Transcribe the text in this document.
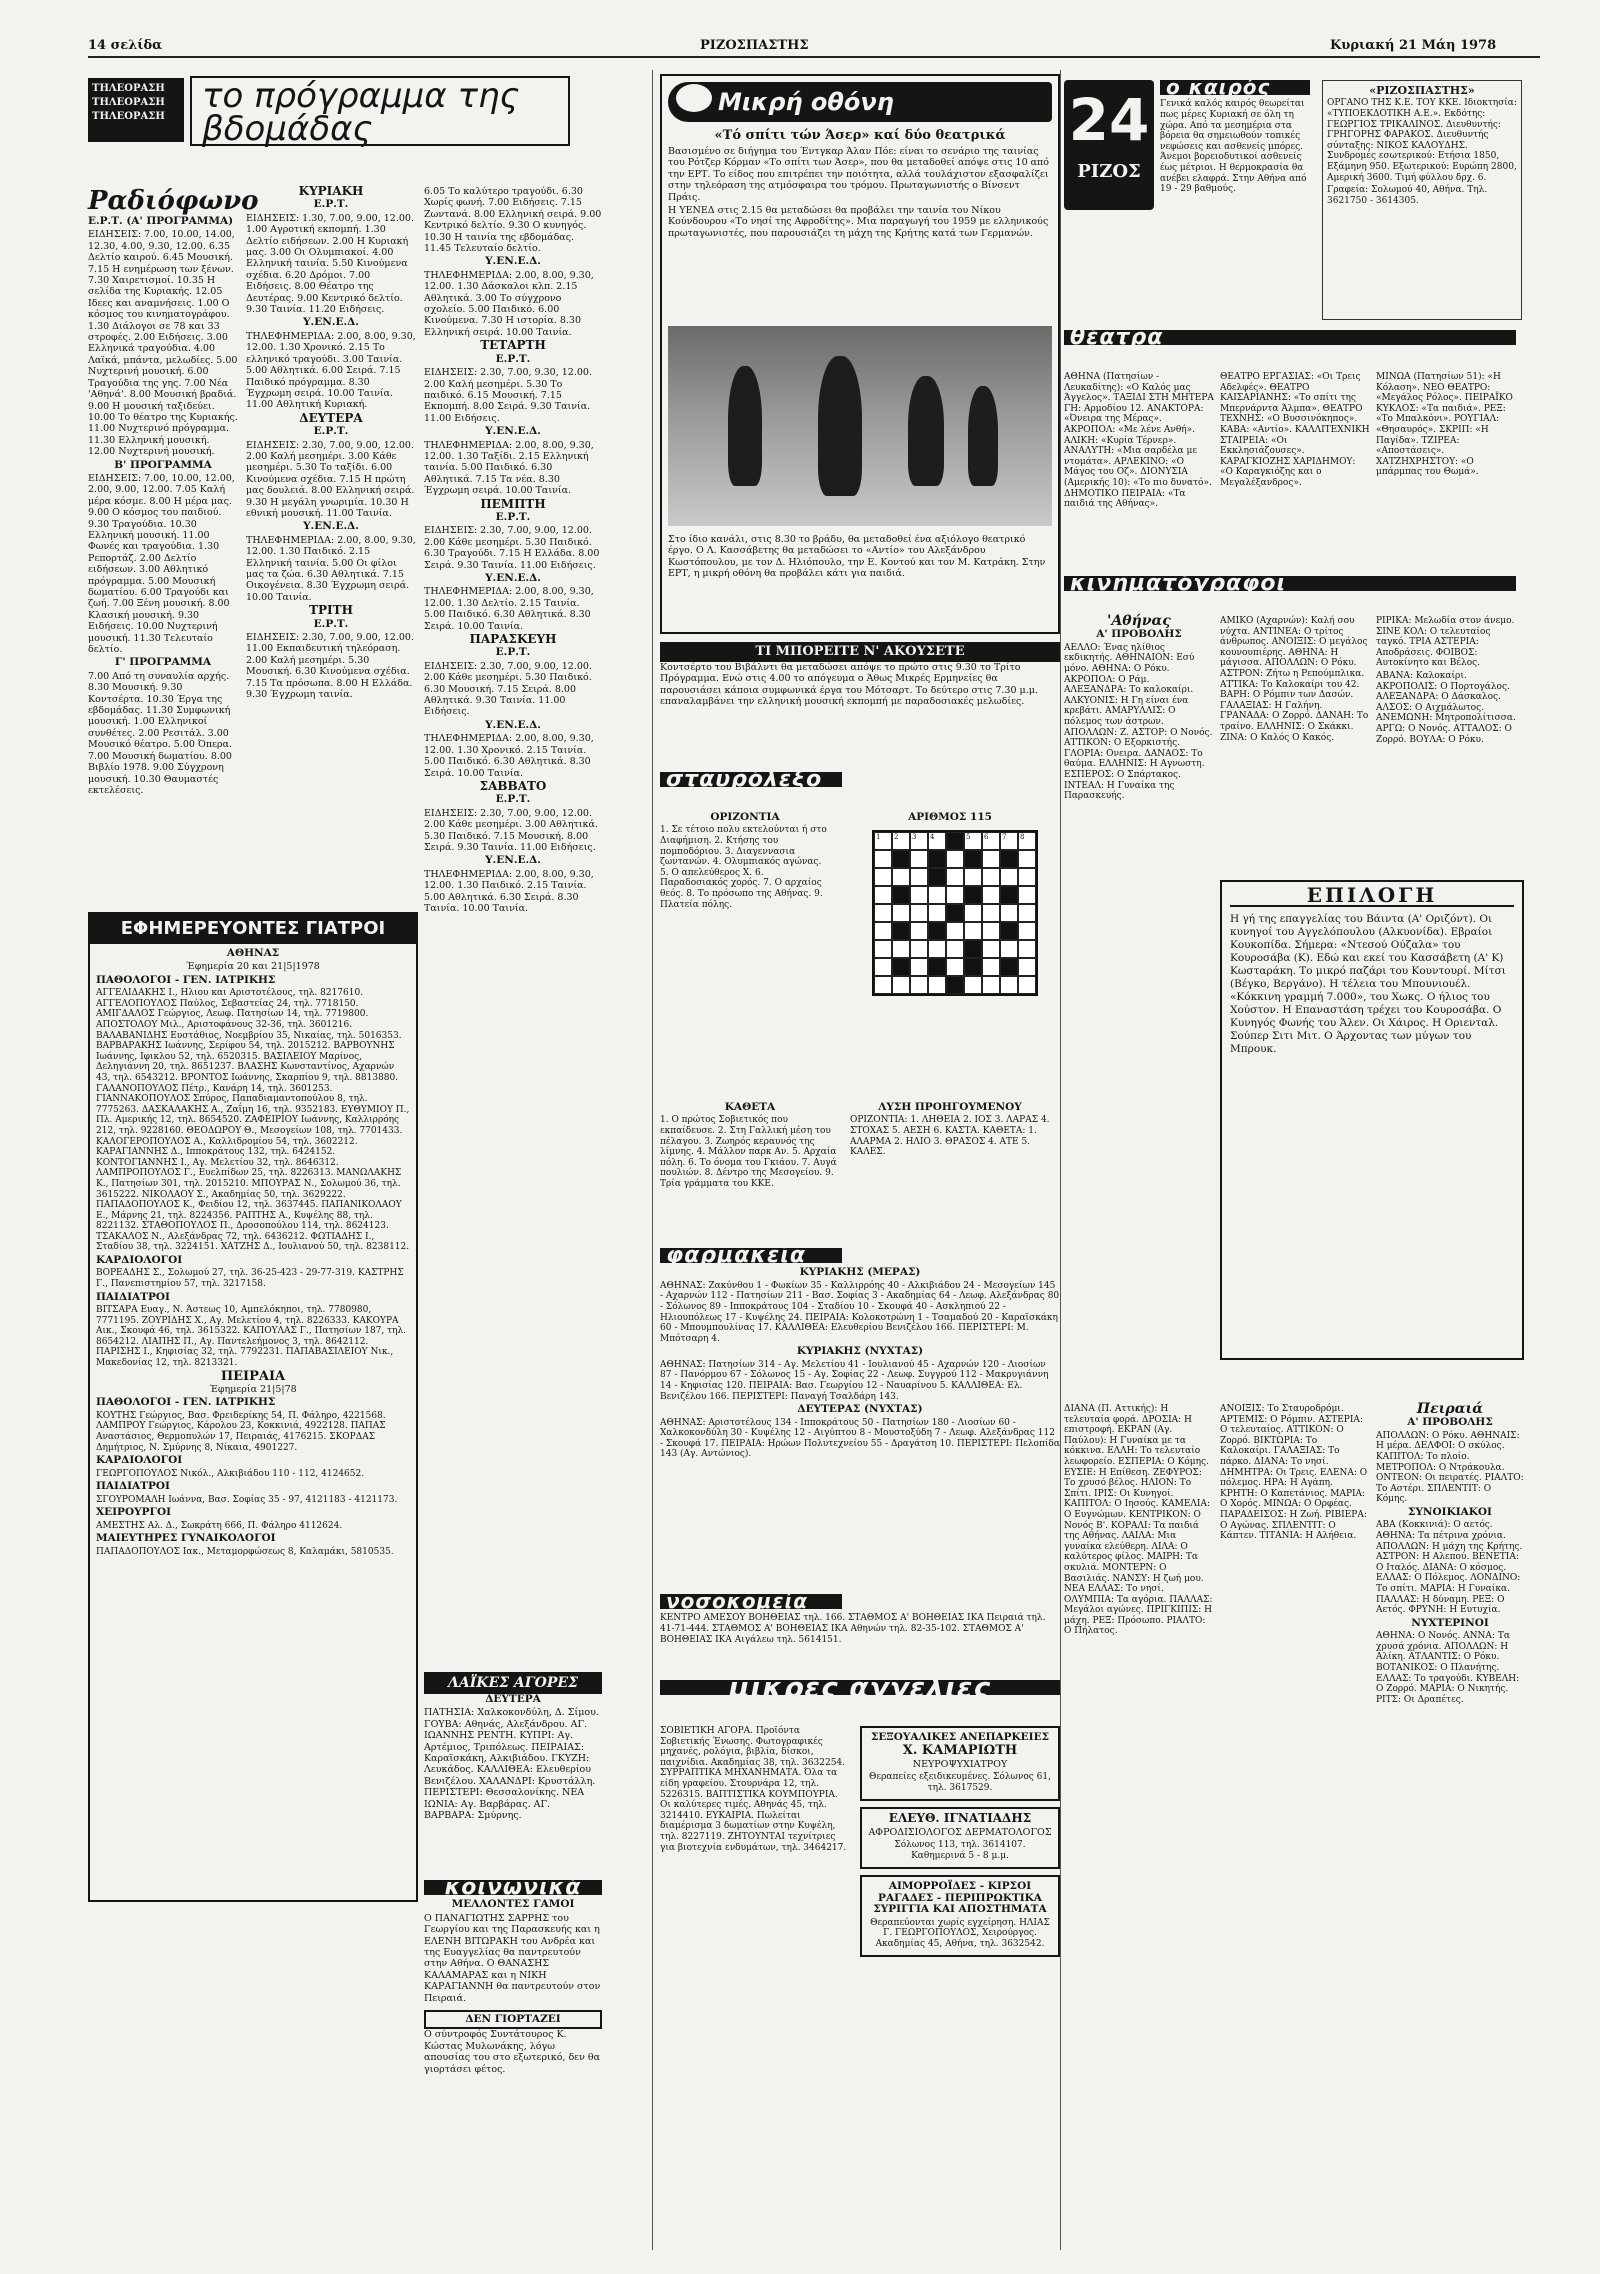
14 σελίδα	ΡΙΖΟΣΠΑΣΤΗΣ	Κυριακή 21 Μάη 1978
ΤΗΛΕΟΡΑΣΗ ΤΗΛΕΟΡΑΣΗ ΤΗΛΕΟΡΑΣΗ
το πρόγραμμα της βδομάδας
Ραδιόφωνο

Ε.Ρ.Τ. (Α' ΠΡΟΓΡΑΜΜΑ)

ΕΙΔΗΣΕΙΣ: 7.00, 10.00, 14.00, 12.30, 4.00, 9.30, 12.00. 6.35 Δελτίο καιρού. 6.45 Μουσική. 7.15 Η ενημέρωση των ξένων. 7.30 Χαιρετισμοί. 10.35 Η σελίδα της Κυριακής. 12.05 Ιδεες και αναμνήσεις. 1.00 Ο κόσμος του κινηματογράφου. 1.30 Διάλογοι σε 78 και 33 στροφές. 2.00 Ειδήσεις. 3.00 Ελληνικά τραγούδια. 4.00 Λαϊκά, μπάντα, μελωδίες. 5.00 Νυχτερινή μουσική. 6.00 Τραγούδια της γης. 7.00 Νέα 'Αθηνά'. 8.00 Μουσική βραδιά. 9.00 Η μουσική ταξιδεύει. 10.00 Το θέατρο της Κυριακής. 11.00 Νυχτερινό πρόγραμμα. 11.30 Ελληνική μουσική. 12.00 Νυχτερινή μουσική.

Β' ΠΡΟΓΡΑΜΜΑ

ΕΙΔΗΣΕΙΣ: 7.00, 10.00, 12.00, 2.00, 9.00, 12.00. 7.05 Καλή μέρα κόσμε. 8.00 Η μέρα μας. 9.00 Ο κόσμος του παιδιού. 9.30 Τραγούδια. 10.30 Ελληνική μουσική. 11.00 Φωνές και τραγούδια. 1.30 Ρεπορτάζ. 2.00 Δελτίο ειδήσεων. 3.00 Αθλητικό πρόγραμμα. 5.00 Μουσική δωματίου. 6.00 Τραγούδι και ζωή. 7.00 Ξένη μουσική. 8.00 Κλασική μουσική. 9.30 Ειδήσεις. 10.00 Νυχτερινή μουσική. 11.30 Τελευταίο δελτίο.

Γ' ΠΡΟΓΡΑΜΜΑ

7.00 Από τη συναυλία αρχής. 8.30 Μουσική. 9.30 Κοντσέρτα. 10.30 Έργα της εβδομάδας. 11.30 Συμφωνική μουσική. 1.00 Ελληνικοί συνθέτες. 2.00 Ρεσιτάλ. 3.00 Μουσικό θέατρο. 5.00 Όπερα. 7.00 Μουσική δωματίου. 8.00 Βιβλίο 1978. 9.00 Σύγχρονη μουσική. 10.30 Θαυμαστές εκτελέσεις.

ΚΥΡΙΑΚΗ

Ε.Ρ.Τ.

ΕΙΔΗΣΕΙΣ: 1.30, 7.00, 9.00, 12.00. 1.00 Αγροτική εκπομπή. 1.30 Δελτίο ειδήσεων. 2.00 Η Κυριακή μας. 3.00 Οι Ολυμπιακοί. 4.00 Ελληνική ταινία. 5.50 Κινούμενα σχέδια. 6.20 Δρόμοι. 7.00 Ειδήσεις. 8.00 Θέατρο της Δευτέρας. 9.00 Κεντρικό δελτίο. 9.30 Ταινία. 11.20 Ειδήσεις.

Υ.ΕΝ.Ε.Δ.

ΤΗΛΕΦΗΜΕΡΙΔΑ: 2.00, 8.00, 9.30, 12.00. 1.30 Χρονικό. 2.15 Το ελληνικό τραγούδι. 3.00 Ταινία. 5.00 Αθλητικά. 6.00 Σειρά. 7.15 Παιδικό πρόγραμμα. 8.30 Έγχρωμη σειρά. 10.00 Ταινία. 11.00 Αθλητική Κυριακή.

ΔΕΥΤΕΡΑ

Ε.Ρ.Τ.

ΕΙΔΗΣΕΙΣ: 2.30, 7.00, 9.00, 12.00. 2.00 Καλή μεσημέρι. 3.00 Κάθε μεσημέρι. 5.30 Το ταξίδι. 6.00 Κινούμενα σχέδια. 7.15 Η πρώτη μας δουλειά. 8.00 Ελληνική σειρά. 9.30 Η μεγάλη γνωριμία. 10.30 Η εθνική μουσική. 11.00 Ταινία.

Υ.ΕΝ.Ε.Δ.

ΤΗΛΕΦΗΜΕΡΙΔΑ: 2.00, 8.00, 9.30, 12.00. 1.30 Παιδικό. 2.15 Ελληνική ταινία. 5.00 Οι φίλοι μας τα ζώα. 6.30 Αθλητικά. 7.15 Οικογένεια. 8.30 Έγχρωμη σειρά. 10.00 Ταινία.

ΤΡΙΤΗ

Ε.Ρ.Τ.

ΕΙΔΗΣΕΙΣ: 2.30, 7.00, 9.00, 12.00. 11.00 Εκπαιδευτική τηλεόραση. 2.00 Καλή μεσημέρι. 5.30 Μουσική. 6.30 Κινούμενα σχέδια. 7.15 Τα πρόσωπα. 8.00 Η Ελλάδα. 9.30 Έγχρωμη ταινία.

6.05 Το καλύτερο τραγούδι. 6.30 Χωρίς φωνή. 7.00 Ειδήσεις. 7.15 Ζωντανά. 8.00 Ελληνική σειρά. 9.00 Κεντρικό δελτίο. 9.30 Ο κυνηγός. 10.30 Η ταινία της εβδομάδας. 11.45 Τελευταίο δελτίο.

Υ.ΕΝ.Ε.Δ.

ΤΗΛΕΦΗΜΕΡΙΔΑ: 2.00, 8.00, 9.30, 12.00. 1.30 Δάσκαλοι κλπ. 2.15 Αθλητικά. 3.00 Το σύγχρονο σχολείο. 5.00 Παιδικό. 6.00 Κινούμενα. 7.30 Η ιστορία. 8.30 Ελληνική σειρά. 10.00 Ταινία.

ΤΕΤΑΡΤΗ

Ε.Ρ.Τ.

ΕΙΔΗΣΕΙΣ: 2.30, 7.00, 9.30, 12.00. 2.00 Καλή μεσημέρι. 5.30 Το παιδικό. 6.15 Μουσική. 7.15 Εκπομπή. 8.00 Σειρά. 9.30 Ταινία. 11.00 Ειδήσεις.

Υ.ΕΝ.Ε.Δ.

ΤΗΛΕΦΗΜΕΡΙΔΑ: 2.00, 8.00, 9.30, 12.00. 1.30 Ταξίδι. 2.15 Ελληνική ταινία. 5.00 Παιδικό. 6.30 Αθλητικά. 7.15 Τα νέα. 8.30 Έγχρωμη σειρά. 10.00 Ταινία.

ΠΕΜΠΤΗ

Ε.Ρ.Τ.

ΕΙΔΗΣΕΙΣ: 2.30, 7.00, 9.00, 12.00. 2.00 Κάθε μεσημέρι. 5.30 Παιδικό. 6.30 Τραγούδι. 7.15 Η Ελλάδα. 8.00 Σειρά. 9.30 Ταινία. 11.00 Ειδήσεις.

Υ.ΕΝ.Ε.Δ.

ΤΗΛΕΦΗΜΕΡΙΔΑ: 2.00, 8.00, 9.30, 12.00. 1.30 Δελτίο. 2.15 Ταινία. 5.00 Παιδικό. 6.30 Αθλητικά. 8.30 Σειρά. 10.00 Ταινία.

ΠΑΡΑΣΚΕΥΗ

Ε.Ρ.Τ.

ΕΙΔΗΣΕΙΣ: 2.30, 7.00, 9.00, 12.00. 2.00 Κάθε μεσημέρι. 5.30 Παιδικό. 6.30 Μουσική. 7.15 Σειρά. 8.00 Αθλητικά. 9.30 Ταινία. 11.00 Ειδήσεις.

Υ.ΕΝ.Ε.Δ.

ΤΗΛΕΦΗΜΕΡΙΔΑ: 2.00, 8.00, 9.30, 12.00. 1.30 Χρονικό. 2.15 Ταινία. 5.00 Παιδικό. 6.30 Αθλητικά. 8.30 Σειρά. 10.00 Ταινία.

ΣΑΒΒΑΤΟ

Ε.Ρ.Τ.

ΕΙΔΗΣΕΙΣ: 2.30, 7.00, 9.00, 12.00. 2.00 Κάθε μεσημέρι. 3.00 Αθλητικά. 5.30 Παιδικό. 7.15 Μουσική. 8.00 Σειρά. 9.30 Ταινία. 11.00 Ειδήσεις.

Υ.ΕΝ.Ε.Δ.

ΤΗΛΕΦΗΜΕΡΙΔΑ: 2.00, 8.00, 9.30, 12.00. 1.30 Παιδικό. 2.15 Ταινία. 5.00 Αθλητικά. 6.30 Σειρά. 8.30 Ταινία. 10.00 Ταινία.

ΕΦΗΜΕΡΕΥΟΝΤΕΣ ΓΙΑΤΡΟΙ

ΑΘΗΝΑΣ

Έφημερία 20 και 21|5|1978

ΠΑΘΟΛΟΓΟΙ - ΓΕΝ. ΙΑΤΡΙΚΗΣ

ΑΓΓΕΛΙΔΑΚΗΣ Ι., Ηλιου και Αριστοτέλους, τηλ. 8217610. ΑΓΓΕΛΟΠΟΥΛΟΣ Παύλος, Σεβαστείας 24, τηλ. 7718150. ΑΜΙΓΔΑΛΟΣ Γεώργιος, Λεωφ. Πατησίων 14, τηλ. 7719800. ΑΠΟΣΤΟΛΟΥ Μιλ., Αριστοφάνους 32-36, τηλ. 3601216. ΒΑΛΑΒΑΝΙΔΗΣ Ευστάθιος, Νοεμβρίου 35, Νικαίας, τηλ. 5016353. ΒΑΡΒΑΡΑΚΗΣ Ιωάννης, Σερίφου 54, τηλ. 2015212. ΒΑΡΒΟΥΝΗΣ Ιωάννης, Ιφικλου 52, τηλ. 6520315. ΒΑΣΙΛΕΙΟΥ Μαρίνος, Δεληγιάννη 20, τηλ. 8651237. ΒΛΑΣΗΣ Κωνσταντίνος, Αχαρνών 43, τηλ. 6543212. ΒΡΟΝΤΟΣ Ιωάννης, Σκαρπίου 9, τηλ. 8813880. ΓΑΛΑΝΟΠΟΥΛΟΣ Πέτρ., Κανάρη 14, τηλ. 3601253. ΓΙΑΝΝΑΚΟΠΟΥΛΟΣ Σπύρος, Παπαδιαμαντοπούλου 8, τηλ. 7775263. ΔΑΣΚΑΛΑΚΗΣ Α., Ζαΐμη 16, τηλ. 9352183. ΕΥΘΥΜΙΟΥ Π., Πλ. Αμερικής 12, τηλ. 8654520. ΖΑΦΕΙΡΙΟΥ Ιωάννης, Καλλιρρόης 212, τηλ. 9228160. ΘΕΟΔΩΡΟΥ Θ., Μεσογείων 108, τηλ. 7701433. ΚΑΛΟΓΕΡΟΠΟΥΛΟΣ Α., Καλλιδρομίου 54, τηλ. 3602212. ΚΑΡΑΓΙΑΝΝΗΣ Δ., Ιπποκράτους 132, τηλ. 6424152. ΚΟΝΤΟΓΙΑΝΝΗΣ Ι., Αγ. Μελετίου 32, τηλ. 8646312. ΛΑΜΠΡΟΠΟΥΛΟΣ Γ., Ευελπίδων 25, τηλ. 8226313. ΜΑΝΩΛΑΚΗΣ Κ., Πατησίων 301, τηλ. 2015210. ΜΠΟΥΡΑΣ Ν., Σολωμού 36, τηλ. 3615222. ΝΙΚΟΛΑΟΥ Σ., Ακαδημίας 50, τηλ. 3629222. ΠΑΠΑΔΟΠΟΥΛΟΣ Κ., Φειδίου 12, τηλ. 3637445. ΠΑΠΑΝΙΚΟΛΑΟΥ Ε., Μάρνης 21, τηλ. 8224356. ΡΑΠΤΗΣ Α., Κυψέλης 88, τηλ. 8221132. ΣΤΑΘΟΠΟΥΛΟΣ Π., Δροσοπούλου 114, τηλ. 8624123. ΤΣΑΚΑΛΟΣ Ν., Αλεξάνδρας 72, τηλ. 6436212. ΦΩΤΙΑΔΗΣ Ι., Σταδίου 38, τηλ. 3224151. ΧΑΤΖΗΣ Δ., Ιουλιανού 50, τηλ. 8238112.

ΚΑΡΔΙΟΛΟΓΟΙ

ΒΟΡΕΑΔΗΣ Σ., Σολωμού 27, τηλ. 36-25-423 - 29-77-319. ΚΑΣΤΡΗΣ Γ., Πανεπιστημίου 57, τηλ. 3217158.

ΠΑΙΔΙΑΤΡΟΙ

ΒΙΤΣΑΡΑ Ευαγ., Ν. Άστεως 10, Αμπελόκηποι, τηλ. 7780980, 7771195. ΖΟΥΡΙΔΗΣ Χ., Αγ. Μελετίου 4, τηλ. 8226333. ΚΑΚΟΥΡΑ Αικ., Σκουφά 46, τηλ. 3615322. ΚΑΠΟΥΛΑΣ Γ., Πατησίων 187, τηλ. 8654212. ΛΙΑΠΗΣ Π., Αγ. Παντελεήμονος 3, τηλ. 8642112. ΠΑΡΙΣΗΣ Ι., Κηφισίας 32, τηλ. 7792231. ΠΑΠΑΒΑΣΙΛΕΙΟΥ Νικ., Μακεδονίας 12, τηλ. 8213321.

ΠΕΙΡΑΙΑ

Έφημερία 21|5|78

ΠΑΘΟΛΟΓΟΙ - ΓΕΝ. ΙΑΤΡΙΚΗΣ

ΚΟΥΤΗΣ Γεώργιος, Βασ. Φρειδερίκης 54, Π. Φάληρο, 4221568. ΛΑΜΠΡΟΥ Γεώργιος, Κάρολου 23, Κοκκινιά, 4922128. ΠΑΠΑΣ Αναστάσιος, Θερμοπυλών 17, Πειραιάς, 4176215. ΣΚΟΡΔΑΣ Δημήτριος, Ν. Σμύρνης 8, Νίκαια, 4901227.

ΚΑΡΔΙΟΛΟΓΟΙ

ΓΕΩΡΓΟΠΟΥΛΟΣ Νικόλ., Αλκιβιάδου 110 - 112, 4124652.

ΠΑΙΔΙΑΤΡΟΙ

ΣΓΟΥΡΟΜΑΛΗ Ιωάννα, Βασ. Σοφίας 35 - 97, 4121183 - 4121173.

ΧΕΙΡΟΥΡΓΟΙ

ΑΜΕΣΤΗΣ Αλ. Δ., Σωκράτη 666, Π. Φάληρο 4112624.

ΜΑΙΕΥΤΗΡΕΣ ΓΥΝΑΙΚΟΛΟΓΟΙ

ΠΑΠΑΔΟΠΟΥΛΟΣ Ιακ., Μεταμορφώσεως 8, Καλαμάκι, 5810535.

ΛΑΪΚΕΣ ΑΓΟΡΕΣ

ΔΕΥΤΕΡΑ

ΠΑΤΗΣΙΑ: Χαλκοκονδύλη, Δ. Σίμου. ΓΟΥΒΑ: Αθηνάς, Αλεξάνδρου. ΑΓ. ΙΩΑΝΝΗΣ ΡΕΝΤΗ. ΚΥΠΡΙ: Αγ. Αρτέμιος, Τριπόλεως. ΠΕΙΡΑΙΑΣ: Καραϊσκάκη, Αλκιβιάδου. ΓΚΥΖΗ: Λευκάδος. ΚΑΛΛΙΘΕΑ: Ελευθερίου Βενιζέλου. ΧΑΛΑΝΔΡΙ: Κρυστάλλη. ΠΕΡΙΣΤΕΡΙ: Θεσσαλονίκης. ΝΕΑ ΙΩΝΙΑ: Αγ. Βαρβάρας. ΑΓ. ΒΑΡΒΑΡΑ: Σμύρνης.

κοινωνικά

ΜΕΛΛΟΝΤΕΣ ΓΑΜΟΙ

Ο ΠΑΝΑΓΙΩΤΗΣ ΣΑΡΡΗΣ του Γεωργίου και της Παρασκευής και η ΕΛΕΝΗ ΒΙΤΩΡΑΚΗ του Ανδρέα και της Ευαγγελίας θα παντρευτούν στην Αθήνα. Ο ΘΑΝΑΣΗΣ ΚΑΛΑΜΑΡΑΣ και η ΝΙΚΗ ΚΑΡΑΓΙΑΝΝΗ θα παντρευτούν στον Πειραιά.

ΔΕΝ ΓΙΟΡΤΑΖΕΙ

Ο σύντροφός Συντάτουρος Κ. Κώστας Μυλωνάκης, λόγω απουσίας του στο εξωτερικό, δεν θα γιορτάσει φέτος.

Μικρή οθόνη

«Τό σπίτι τών Άσερ» καί δύο θεατρικά

Βασισμένο σε διήγημα του Έντγκαρ Άλαν Πόε: είναι το σενάριο της ταινίας του Ρότζερ Κόρμαν «Το σπίτι των Άσερ», που θα μεταδοθεί απόψε στις 10 από την ΕΡΤ. Το είδος που επιτρέπει την ποιότητα, αλλά τουλάχιστον εξασφαλίζει στην τηλεόραση της ατμόσφαιρα του τρόμου. Πρωταγωνιστής ο Βίνσεντ Πράις.

Η ΥΕΝΕΔ στις 2.15 θα μεταδώσει θα προβάλει την ταινία του Νίκου Κούνδουρου «Το νησί της Αφροδίτης». Μια παραγωγή του 1959 με ελληνικούς πρωταγωνιστές, που παρουσιάζει τη μάχη της Κρήτης κατά των Γερμανών.

Στο ίδιο κανάλι, στις 8.30 το βράδυ, θα μεταδοθεί ένα αξιόλογο θεατρικό έργο. Ο Λ. Κασσάβετης θα μεταδώσει το «Αντίο» του Αλεξάνδρου Κωστόπουλου, με τον Δ. Ηλιόπουλο, την Ε. Κοντού και τον Μ. Κατράκη. Στην ΕΡΤ, η μικρή οθόνη θα προβάλει κάτι για παιδιά.

ΤΙ ΜΠΟΡΕΙΤΕ Ν' ΑΚΟΥΣΕΤΕ

Κοντσέρτο του Βιβάλντι θα μεταδώσει απόψε το πρώτο στις 9.30 το Τρίτο Πρόγραμμα. Ενώ στις 4.00 το απόγευμα ο Άθως Μικρές Ερμηνείες θα παρουσιάσει κάποια συμφωνικά έργα του Μότσαρτ. Το δεύτερο στις 7.30 μ.μ. επαναλαμβάνει την ελληνική μουσική εκπομπή με παραδοσιακές μελωδίες.

σταυρόλεξο

ΟΡΙΖΟΝΤΙΑ

1. Σε τέτοιο πολυ εκτελούνται ή στο Διαφήμιση. 2. Κτήσης του πομποδόριου. 3. Διαγεννασια ζωντανών. 4. Ολυμπιακός αγώνας. 5. Ο απελεύθερος Χ. 6. Παραδοσιακός χορός. 7. Ο αρχαίος θεός. 8. Το πρόσωπο της Αθήνας. 9. Πλατεία πόλης.

ΑΡΙΘΜΟΣ 115

1	2	3	4	5	6	7	8

ΚΑΘΕΤΑ

1. Ο πρώτος Σοβιετικός που εκπαίδευσε. 2. Στη Γαλλική μέση του πέλαγου. 3. Ζωηρός κεραυνός της λίμνης. 4. Μάλλον παρκ Αν. 5. Αρχαία πόλη. 6. Το όνομα του Γκιάου. 7. Αυγά πουλιών. 8. Δέντρο της Μεσογείου. 9. Τρία γράμματα του ΚΚΕ.

ΛΥΣΗ ΠΡΟΗΓΟΥΜΕΝΟΥ

ΟΡΙΖΟΝΤΙΑ: 1. ΛΗΘΕΙΑ 2. ΙΟΣ 3. ΛΑΡΑΣ 4. ΣΤΟΧΑΣ 5. ΑΕΣΗ 6. ΚΑΣΤΑ. ΚΑΘΕΤΑ: 1. ΑΛΑΡΜΑ 2. ΗΛΙΟ 3. ΘΡΑΣΟΣ 4. ΑΤΕ 5. ΚΑΛΕΣ.

φαρμακεία

ΚΥΡΙΑΚΗΣ (ΜΕΡΑΣ)

ΑΘΗΝΑΣ: Ζακύνθου 1 - Φωκίων 35 - Καλλιρρόης 40 - Αλκιβιάδου 24 - Μεσογείων 145 - Αχαρνών 112 - Πατησίων 211 - Βασ. Σοφίας 3 - Ακαδημίας 64 - Λεωφ. Αλεξάνδρας 80 - Σόλωνος 89 - Ιπποκράτους 104 - Σταδίου 10 - Σκουφά 40 - Ασκληπιού 22 - Ηλιουπόλεως 17 - Κυψέλης 24. ΠΕΙΡΑΙΑ: Κολοκοτρώνη 1 - Τσαμαδού 20 - Καραϊσκάκη 60 - Μπουμπουλίνας 17. ΚΑΛΛΙΘΕΑ: Ελευθερίου Βενιζέλου 166. ΠΕΡΙΣΤΕΡΙ: Μ. Μπότσαρη 4.

ΚΥΡΙΑΚΗΣ (ΝΥΧΤΑΣ)

ΑΘΗΝΑΣ: Πατησίων 314 - Αγ. Μελετίου 41 - Ιουλιανού 45 - Αχαρνών 120 - Λιοσίων 87 - Πανόρμου 67 - Σόλωνος 15 - Αγ. Σοφίας 22 - Λεωφ. Συγγρού 112 - Μακρυγιάννη 14 - Κηφισίας 120. ΠΕΙΡΑΙΑ: Βασ. Γεωργίου 12 - Ναυαρίνου 5. ΚΑΛΛΙΘΕΑ: Ελ. Βενιζέλου 166. ΠΕΡΙΣΤΕΡΙ: Παναγή Τσαλδάρη 143.

ΔΕΥΤΕΡΑΣ (ΝΥΧΤΑΣ)

ΑΘΗΝΑΣ: Αριστοτέλους 134 - Ιπποκράτους 50 - Πατησίων 180 - Λιοσίων 60 - Χαλκοκονδύλη 30 - Κυψέλης 12 - Αιγύπτου 8 - Μουστοξύδη 7 - Λεωφ. Αλεξάνδρας 112 - Σκουφά 17. ΠΕΙΡΑΙΑ: Ηρώων Πολυτεχνείου 55 - Δραγάτση 10. ΠΕΡΙΣΤΕΡΙ: Πελοπίδα 143 (Αγ. Αντώνιος).

νοσοκομεία

ΚΕΝΤΡΟ ΑΜΕΣΟΥ ΒΟΗΘΕΙΑΣ τηλ. 166. ΣΤΑΘΜΟΣ Α' ΒΟΗΘΕΙΑΣ ΙΚΑ Πειραιά τηλ. 41-71-444. ΣΤΑΘΜΟΣ Α' ΒΟΗΘΕΙΑΣ ΙΚΑ Αθηνών τηλ. 82-35-102. ΣΤΑΘΜΟΣ Α' ΒΟΗΘΕΙΑΣ ΙΚΑ Αιγάλεω τηλ. 5614151.

μικρές αγγελίες

ΣΟΒΙΕΤΙΚΗ ΑΓΟΡΑ. Προϊόντα Σοβιετικής Ένωσης. Φωτογραφικές μηχανές, ρολόγια, βιβλία, δίσκοι, παιχνίδια. Ακαδημίας 38, τηλ. 3632254. ΣΥΡΡΑΠΤΙΚΑ ΜΗΧΑΝΗΜΑΤΑ. Όλα τα είδη γραφείου. Στουρνάρα 12, τηλ. 5226315. ΒΑΠΤΙΣΤΙΚΑ ΚΟΥΜΠΟΥΡΙΑ. Οι καλύτερες τιμές. Αθηνάς 45, τηλ. 3214410. ΕΥΚΑΙΡΙΑ. Πωλείται διαμέρισμα 3 δωματίων στην Κυψέλη, τηλ. 8227119. ΖΗΤΟΥΝΤΑΙ τεχνίτριες για βιοτεχνία ενδυμάτων, τηλ. 3464217.

ΣΕΞΟΥΑΛΙΚΕΣ ΑΝΕΠΑΡΚΕΙΕΣ

Χ. ΚΑΜΑΡΙΩΤΗ

ΝΕΥΡΟΨΥΧΙΑΤΡΟΥ

Θεραπείες εξειδικευμένες. Σόλωνος 61, τηλ. 3617529.

ΕΛΕΥΘ. ΙΓΝΑΤΙΑΔΗΣ

ΑΦΡΟΔΙΣΙΟΛΟΓΟΣ ΔΕΡΜΑΤΟΛΟΓΟΣ

Σόλωνος 113, τηλ. 3614107. Καθημερινά 5 - 8 μ.μ.

ΑΙΜΟΡΡΟΪΔΕΣ - ΚΙΡΣΟΙ ΡΑΓΑΔΕΣ - ΠΕΡΙΠΡΩΚΤΙΚΑ ΣΥΡΙΓΓΙΑ ΚΑΙ ΑΠΟΣΤΗΜΑΤΑ

Θεραπεύονται χωρίς εγχείρηση. ΗΛΙΑΣ Γ. ΓΕΩΡΓΟΠΟΥΛΟΣ, Χειρούργος. Ακαδημίας 45, Αθήνα, τηλ. 3632542.

24
ΡΙΖΟΣ
ο καιρός

Γενικά καλός καιρός θεωρείται πως μέρες Κυριακή σε όλη τη χώρα. Από τα μεσημέρια στα βόρεια θα σημειωθούν τοπικές νεφώσεις και ασθενείς μπόρες. Άνεμοι βορειοδυτικοί ασθενείς έως μέτριοι. Η θερμοκρασία θα ανέβει ελαφρά. Στην Αθήνα από 19 - 29 βαθμούς.

«ΡΙΖΟΣΠΑΣΤΗΣ»

ΟΡΓΑΝΟ ΤΗΣ Κ.Ε. ΤΟΥ ΚΚΕ. Ιδιοκτησία: «ΤΥΠΟΕΚΔΟΤΙΚΗ Α.Ε.». Εκδότης: ΓΕΩΡΓΙΟΣ ΤΡΙΚΑΛΙΝΟΣ. Διευθυντής: ΓΡΗΓΟΡΗΣ ΦΑΡΑΚΟΣ. Διευθυντής σύνταξης: ΝΙΚΟΣ ΚΑΛΟΥΔΗΣ. Συνδρομές εσωτερικού: Ετήσια 1850, Εξάμηνη 950. Εξωτερικού: Ευρώπη 2800, Αμερική 3600. Τιμή φύλλου δρχ. 6.

Γραφεία: Σολωμού 40, Αθήνα. Τηλ. 3621750 - 3614305.

θέατρα
ΑΘΗΝΑ (Πατησίων - Λευκαδίτης): «Ο Καλός μας Άγγελος». ΤΑΞΙΔΙ ΣΤΗ ΜΗΤΕΡΑ ΓΗ: Αρμοδίου 12. ΑΝΑΚΤΟΡΑ: «Όνειρα της Μέρας». ΑΚΡΟΠΟΛ: «Με λένε Ανθή». ΑΛΙΚΗ: «Κυρία Τέρνερ». ΑΝΑΛΥΤΗ: «Μια σαρδέλα με ντομάτα». ΑΡΛΕΚΙΝΟ: «Ο Μάγος του Οζ». ΔΙΟΝΥΣΙΑ (Αμερικής 10): «Το πιο δυνατό». ΔΗΜΟΤΙΚΟ ΠΕΙΡΑΙΑ: «Τα παιδιά της Αθήνας».
ΘΕΑΤΡΟ ΕΡΓΑΣΙΑΣ: «Οι Τρεις Αδελφές». ΘΕΑΤΡΟ ΚΑΙΣΑΡΙΑΝΗΣ: «Το σπίτι της Μπερνάρντα Άλμπα». ΘΕΑΤΡΟ ΤΕΧΝΗΣ: «Ο Βυσσινόκηπος». ΚΑΒΑ: «Αντίο». ΚΑΛΛΙΤΕΧΝΙΚΗ ΣΤΑΙΡΕΙΑ: «Οι Εκκλησιάζουσες». ΚΑΡΑΓΚΙΟΖΗΣ ΧΑΡΙΔΗΜΟΥ: «Ο Καραγκιόζης και ο Μεγαλέξανδρος».
ΜΙΝΩΑ (Πατησίων 51): «Η Κόλαση». ΝΕΟ ΘΕΑΤΡΟ: «Μεγάλος Ρόλος». ΠΕΙΡΑΪΚΟ ΚΥΚΛΟΣ: «Τα παιδιά». ΡΕΞ: «Το Μπαλκόνι». ΡΟΥΓΙΑΛ: «Θησαυρός». ΣΚΡΙΠ: «Η Παγίδα». ΤΖΙΡΕΑ: «Αποστάσεις». ΧΑΤΖΗΧΡΗΣΤΟΥ: «Ο μπάρμπας του Θωμά».
κινηματόγραφοι

'Αθήνας

Α' ΠΡΟΒΟΛΗΣ

ΑΕΛΛΟ: Ένας ηλίθιος εκδικητής. ΑΘΗΝΑΙΟΝ: Εσύ μόνο. ΑΘΗΝΑ: Ο Ρόκυ. ΑΚΡΟΠΟΛ: Ο Ράμ. ΑΛΕΞΑΝΔΡΑ: Το καλοκαίρι. ΑΛΚΥΟΝΙΣ: Η Γη είναι ένα κρεβάτι. ΑΜΑΡΥΛΛΙΣ: Ο πόλεμος των άστρων. ΑΠΟΛΛΩΝ: Ζ. ΑΣΤΟΡ: Ο Νονός. ΑΤΤΙΚΟΝ: Ο Εξορκιστής. ΓΛΟΡΙΑ: Ονειρα. ΔΑΝΑΟΣ: Το θαύμα. ΕΛΛΗΝΙΣ: Η Αγνωστη. ΕΣΠΕΡΟΣ: Ο Σπάρτακος. ΙΝΤΕΑΛ: Η Γυναίκα της Παρασκευής.

ΑΜΙΚΟ (Αχαρνών): Καλή σου νύχτα. ΑΝΤΙΝΕΑ: Ο τρίτος άνθρωπος. ΑΝΟΙΞΙΣ: Ο μεγάλος κουνουπιέρης. ΑΘΗΝΑ: Η μάγισσα. ΑΠΟΛΛΩΝ: Ο Ρόκυ. ΑΣΤΡΟΝ: Ζήτω η Ρεπούμπλικα. ΑΤΤΙΚΑ: Το Καλοκαίρι του 42. ΒΑΡΗ: Ο Ρόμπιν των Δασών. ΓΑΛΑΞΙΑΣ: Η Γαλήνη. ΓΡΑΝΑΔΑ: Ο Ζορρό. ΔΑΝΑΗ: Το τραίνο. ΕΛΛΗΝΙΣ: Ο Σκάκκι. ΖΙΝΑ: Ο Καλός Ο Κακός.

ΡΙΡΙΚΑ: Μελωδία στον άνεμο. ΣΙΝΕ ΚΟΛ: Ο τελευταίος ταγκό. ΤΡΙΑ ΑΣΤΕΡΙΑ: Αποδράσεις. ΦΟΙΒΟΣ: Αυτοκίνητο και Βέλος.

ΑΒΑΝΑ: Καλοκαίρι. ΑΚΡΟΠΟΛΙΣ: Ο Πορτογάλος. ΑΛΕΞΑΝΔΡΑ: Ο Δάσκαλος. ΑΛΣΟΣ: Ο Αιχμάλωτος. ΑΝΕΜΩΝΗ: Μητροπολίτισσα. ΑΡΓΩ: Ο Νονός. ΑΤΤΑΛΟΣ: Ο Ζορρό. ΒΟΥΛΑ: Ο Ρόκυ.

ΕΠΙΛΟΓΗ

Η γή της επαγγελίας του Βάιντα (Α' Οριζόντ). Οι κυνηγοί του Αγγελόπουλου (Αλκυονίδα). Εβραίοι Κουκοπίδα. Σήμερα: «Ντεσού Ούζαλα» του Κουροσάβα (Κ). Εδώ και εκεί του Κασσάβετη (Α' Κ) Κωσταράκη. Το μικρό παζάρι του Κουντουρί. Μίτσι (Βέγκο, Βεργάνο). Η τέλεια του Μπουνιουέλ. «Κόκκινη γραμμή 7.000», του Χωκς. Ο ήλιος του Χούστον. Η Επαναστάση τρέχει του Κουροσάβα. Ο Κυνηγός Φωνής του Άλεν. Οι Χάιρος. Η Οριενταλ. Σούπερ Σιτι Μιτ. Ο Άρχοντας των μύγων του Μπρουκ.

ΔΙΑΝΑ (Π. Αττικής): Η τελευταία φορά. ΔΡΟΣΙΑ: Η επιστροφή. ΕΚΡΑΝ (Αγ. Παύλου): Η Γυναίκα με τα κόκκινα. ΕΛΛΗ: Το τελευταίο λεωφορείο. ΕΣΠΕΡΙΑ: Ο Κόμης. ΕΥΣΙΕ: Η Επίθεση. ΖΕΦΥΡΟΣ: Το χρυσό βέλος. ΗΛΙΟΝ: Το Σπίτι. ΙΡΙΣ: Οι Κυνηγοί. ΚΑΠΙΤΟΛ: Ο Ιησούς. ΚΑΜΕΛΙΑ: Ο Ευγνώμων. ΚΕΝΤΡΙΚΟΝ: Ο Νονός Β'. ΚΟΡΑΛΙ: Τα παιδιά της Αθήνας. ΛΑΙΛΑ: Μια γυναίκα ελεύθερη. ΛΙΛΑ: Ο καλύτερος φίλος. ΜΑΙΡΗ: Τα σκυλιά. ΜΟΝΤΕΡΝ: Ο Βασιλιάς. ΝΑΝΣΥ: Η ζωή μου. ΝΕΑ ΕΛΛΑΣ: Το νησί. ΟΛΥΜΠΙΑ: Τα αγόρια. ΠΑΛΛΑΣ: Μεγάλοι αγώνες. ΠΡΙΓΚΙΠΙΣ: Η μάχη. ΡΕΞ: Πρόσωπο. ΡΙΑΛΤΟ: Ο Πήλατος.
ΑΝΟΙΞΙΣ: Το Σταυροδρόμι. ΑΡΤΕΜΙΣ: Ο Ρόμπιν. ΑΣΤΕΡΙΑ: Ο τελευταίος. ΑΤΤΙΚΟΝ: Ο Ζορρό. ΒΙΚΤΩΡΙΑ: Το Καλοκαίρι. ΓΑΛΑΞΙΑΣ: Το πάρκο. ΔΙΑΝΑ: Το νησί. ΔΗΜΗΤΡΑ: Οι Τρεις. ΕΛΕΝΑ: Ο πόλεμος. ΗΡΑ: Η Αγάπη. ΚΡΗΤΗ: Ο Καπετάνιος. ΜΑΡΙΑ: Ο Χορός. ΜΙΝΩΑ: Ο Ορφέας. ΠΑΡΑΔΕΙΣΟΣ: Η Ζωή. ΡΙΒΙΕΡΑ: Ο Αγώνας. ΣΠΛΕΝΤΙΤ: Ο Κάπτεν. ΤΙΤΑΝΙΑ: Η Αλήθεια.

Πειραιά

Α' ΠΡΟΒΟΛΗΣ

ΑΠΟΛΛΩΝ: Ο Ρόκυ. ΑΘΗΝΑΙΣ: Η μέρα. ΔΕΛΦΟΙ: Ο σκύλος. ΚΑΠΙΤΟΛ: Το πλοίο. ΜΕΤΡΟΠΟΛ: Ο Ντράκουλα. ΟΝΤΕΟΝ: Οι πειρατές. ΡΙΑΛΤΟ: Το Αστέρι. ΣΠΛΕΝΤΙΤ: Ο Κόμης.

ΣΥΝΟΙΚΙΑΚΟΙ

ΑΒΑ (Κοκκινιά): Ο αετός. ΑΘΗΝΑ: Τα πέτρινα χρόνια. ΑΠΟΛΛΩΝ: Η μάχη της Κρήτης. ΑΣΤΡΟΝ: Η Αλεπού. ΒΕΝΕΤΙΑ: Ο Ιταλός. ΔΙΑΝΑ: Ο κόσμος. ΕΛΛΑΣ: Ο Πόλεμος. ΛΟΝΔΙΝΟ: Το σπίτι. ΜΑΡΙΑ: Η Γυναίκα. ΠΑΛΛΑΣ: Η δύναμη. ΡΕΞ: Ο Αετός. ΦΡΥΝΗ: Η Ευτυχία.

ΝΥΧΤΕΡΙΝΟΙ

ΑΘΗΝΑ: Ο Νονός. ΑΝΝΑ: Τα χρυσά χρόνια. ΑΠΟΛΛΩΝ: Η Αλίκη. ΑΤΛΑΝΤΙΣ: Ο Ρόκυ. ΒΟΤΑΝΙΚΟΣ: Ο Πλανήτης. ΕΛΛΑΣ: Το τραγούδι. ΚΥΒΕΛΗ: Ο Ζορρό. ΜΑΡΙΑ: Ο Νικητής. ΡΙΤΣ: Οι Δραπέτες.
